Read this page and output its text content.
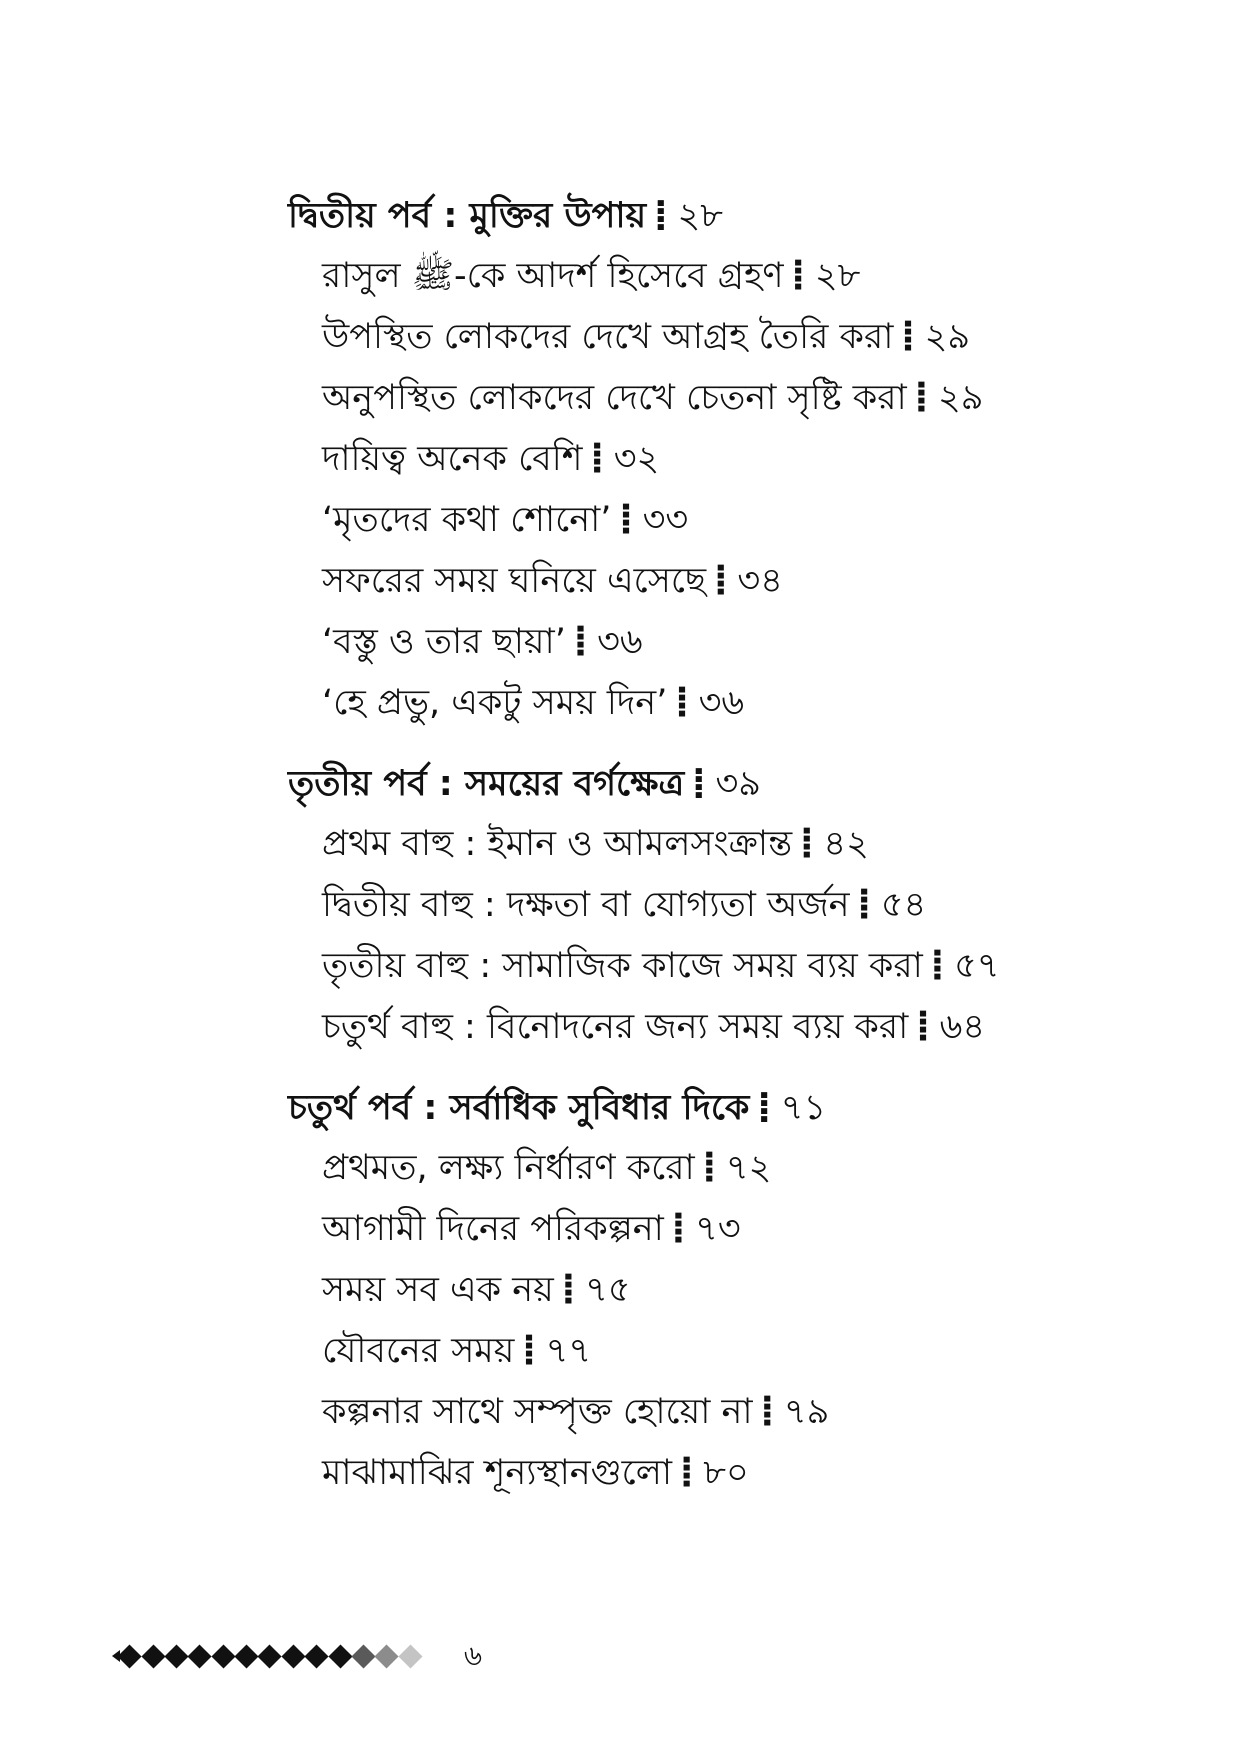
দ্বিতীয় পর্ব : মুক্তির উপায় ⁞ ২৮
রাসুল ﷺ-কে আদর্শ হিসেবে গ্রহণ ⁞ ২৮
উপস্থিত লোকদের দেখে আগ্রহ তৈরি করা ⁞ ২৯
অনুপস্থিত লোকদের দেখে চেতনা সৃষ্টি করা ⁞ ২৯
দায়িত্ব অনেক বেশি ⁞ ৩২
‘মৃতদের কথা শোনো’ ⁞ ৩৩
সফরের সময় ঘনিয়ে এসেছে ⁞ ৩৪
‘বস্তু ও তার ছায়া’ ⁞ ৩৬
‘হে প্রভু, একটু সময় দিন’ ⁞ ৩৬
তৃতীয় পর্ব : সময়ের বর্গক্ষেত্র ⁞ ৩৯
প্রথম বাহু : ইমান ও আমলসংক্রান্ত ⁞ ৪২
দ্বিতীয় বাহু : দক্ষতা বা যোগ্যতা অর্জন ⁞ ৫৪
তৃতীয় বাহু : সামাজিক কাজে সময় ব্যয় করা ⁞ ৫৭
চতুর্থ বাহু : বিনোদনের জন্য সময় ব্যয় করা ⁞ ৬৪
চতুর্থ পর্ব : সর্বাধিক সুবিধার দিকে ⁞ ৭১
প্রথমত, লক্ষ্য নির্ধারণ করো ⁞ ৭২
আগামী দিনের পরিকল্পনা ⁞ ৭৩
সময় সব এক নয় ⁞ ৭৫
যৌবনের সময় ⁞ ৭৭
কল্পনার সাথে সম্পৃক্ত হোয়ো না ⁞ ৭৯
মাঝামাঝির শূন্যস্থানগুলো ⁞ ৮০
৬
